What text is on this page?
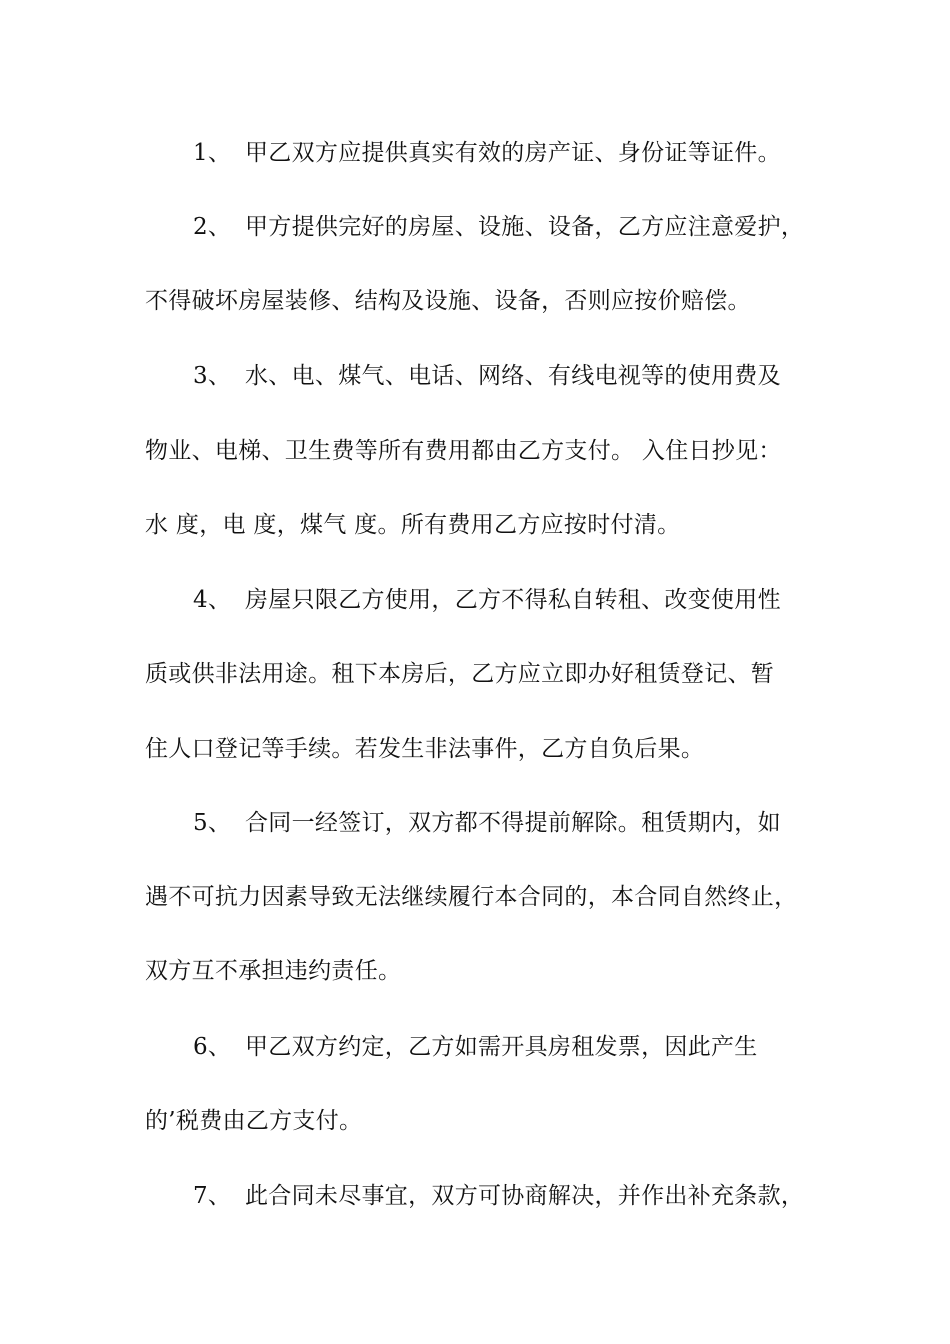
1、 甲乙双方应提供真实有效的房产证、身份证等证件。
2、 甲方提供完好的房屋、设施、设备，乙方应注意爱护，
不得破坏房屋装修、结构及设施、设备，否则应按价赔偿。
3、 水、电、煤气、电话、网络、有线电视等的使用费及
物业、电梯、卫生费等所有费用都由乙方支付。 入住日抄见：
水 度，电 度，煤气 度。所有费用乙方应按时付清。
4、 房屋只限乙方使用，乙方不得私自转租、改变使用性
质或供非法用途。租下本房后，乙方应立即办好租赁登记、暂
住人口登记等手续。若发生非法事件，乙方自负后果。
5、 合同一经签订，双方都不得提前解除。租赁期内，如
遇不可抗力因素导致无法继续履行本合同的，本合同自然终止，
双方互不承担违约责任。
6、 甲乙双方约定，乙方如需开具房租发票，因此产生
的’税费由乙方支付。
7、 此合同未尽事宜，双方可协商解决，并作出补充条款，
